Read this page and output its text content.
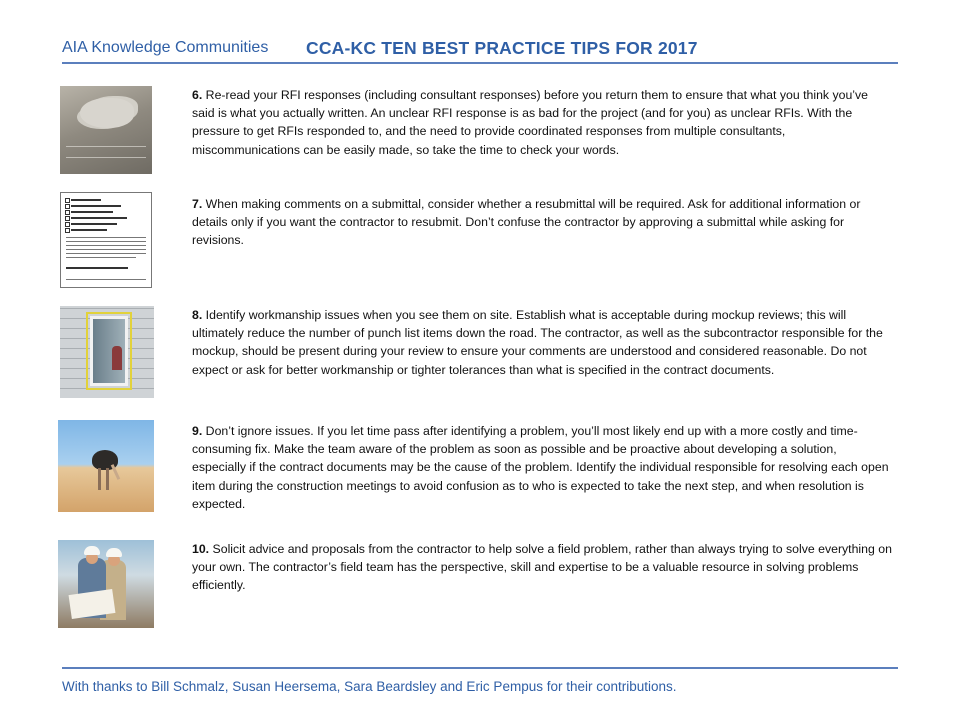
AIA Knowledge Communities CCA-KC TEN BEST PRACTICE TIPS FOR 2017
6. Re-read your RFI responses (including consultant responses) before you return them to ensure that what you think you’ve said is what you actually written. An unclear RFI response is as bad for the project (and for you) as unclear RFIs. With the pressure to get RFIs responded to, and the need to provide coordinated responses from multiple consultants, miscommunications can be easily made, so take the time to check your words.
7. When making comments on a submittal, consider whether a resubmittal will be required. Ask for additional information or details only if you want the contractor to resubmit. Don’t confuse the contractor by approving a submittal while asking for revisions.
8. Identify workmanship issues when you see them on site. Establish what is acceptable during mockup reviews; this will ultimately reduce the number of punch list items down the road. The contractor, as well as the subcontractor responsible for the mockup, should be present during your review to ensure your comments are understood and considered reasonable. Do not expect or ask for better workmanship or tighter tolerances than what is specified in the contract documents.
9. Don’t ignore issues. If you let time pass after identifying a problem, you’ll most likely end up with a more costly and time-consuming fix. Make the team aware of the problem as soon as possible and be proactive about developing a solution, especially if the contract documents may be the cause of the problem. Identify the individual responsible for resolving each open item during the construction meetings to avoid confusion as to who is expected to take the next step, and when resolution is expected.
10. Solicit advice and proposals from the contractor to help solve a field problem, rather than always trying to solve everything on your own. The contractor’s field team has the perspective, skill and expertise to be a valuable resource in solving problems efficiently.
With thanks to Bill Schmalz, Susan Heersema, Sara Beardsley and Eric Pempus for their contributions.
